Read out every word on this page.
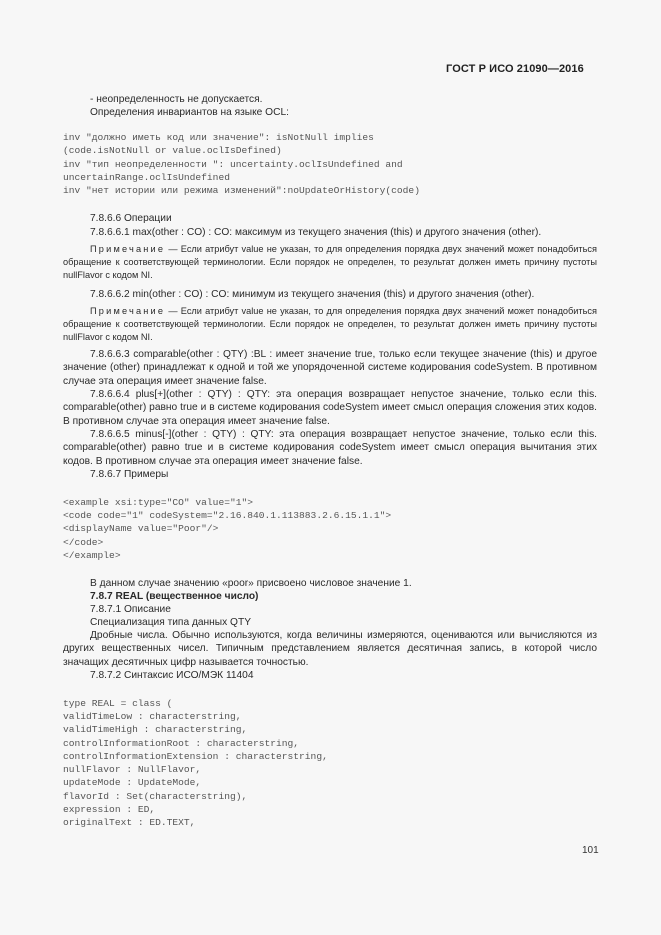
ГОСТ Р ИСО 21090—2016
- неопределенность не допускается.
Определения инвариантов на языке OCL:
inv "должно иметь код или значение": isNotNull implies
(code.isNotNull or value.oclIsDefined)
inv "тип неопределенности ": uncertainty.oclIsUndefined and
uncertainRange.oclIsUndefined
inv "нет истории или режима изменений":noUpdateOrHistory(code)
7.8.6.6 Операции
7.8.6.6.1 max(other : CO) : CO: максимум из текущего значения (this) и другого значения (other).
Примечание — Если атрибут value не указан, то для определения порядка двух значений может понадобиться обращение к соответствующей терминологии. Если порядок не определен, то результат должен иметь причину пустоты nullFlavor с кодом NI.
7.8.6.6.2 min(other : CO) : CO: минимум из текущего значения (this) и другого значения (other).
Примечание — Если атрибут value не указан, то для определения порядка двух значений может понадобиться обращение к соответствующей терминологии. Если порядок не определен, то результат должен иметь причину пустоты nullFlavor с кодом NI.
7.8.6.6.3 comparable(other : QTY) :BL : имеет значение true, только если текущее значение (this) и другое значение (other) принадлежат к одной и той же упорядоченной системе кодирования codeSystem. В противном случае эта операция имеет значение false.
7.8.6.6.4 plus[+](other : QTY) : QTY: эта операция возвращает непустое значение, только если this. comparable(other) равно true и в системе кодирования codeSystem имеет смысл операция сложения этих кодов. В противном случае эта операция имеет значение false.
7.8.6.6.5 minus[-](other : QTY) : QTY: эта операция возвращает непустое значение, только если this. comparable(other) равно true и в системе кодирования codeSystem имеет смысл операция вычитания этих кодов. В противном случае эта операция имеет значение false.
7.8.6.7 Примеры
<example xsi:type="CO" value="1">
<code code="1" codeSystem="2.16.840.1.113883.2.6.15.1.1">
<displayName value="Poor"/>
</code>
</example>
В данном случае значению «poor» присвоено числовое значение 1.
7.8.7 REAL (вещественное число)
7.8.7.1 Описание
Специализация типа данных QTY
Дробные числа. Обычно используются, когда величины измеряются, оцениваются или вычисляются из других вещественных чисел. Типичным представлением является десятичная запись, в которой число значащих десятичных цифр называется точностью.
7.8.7.2 Синтаксис ИСО/МЭК 11404
type REAL = class (
validTimeLow : characterstring,
validTimeHigh : characterstring,
controlInformationRoot : characterstring,
controlInformationExtension : characterstring,
nullFlavor : NullFlavor,
updateMode : UpdateMode,
flavorId : Set(characterstring),
expression : ED,
originalText : ED.TEXT,
101
